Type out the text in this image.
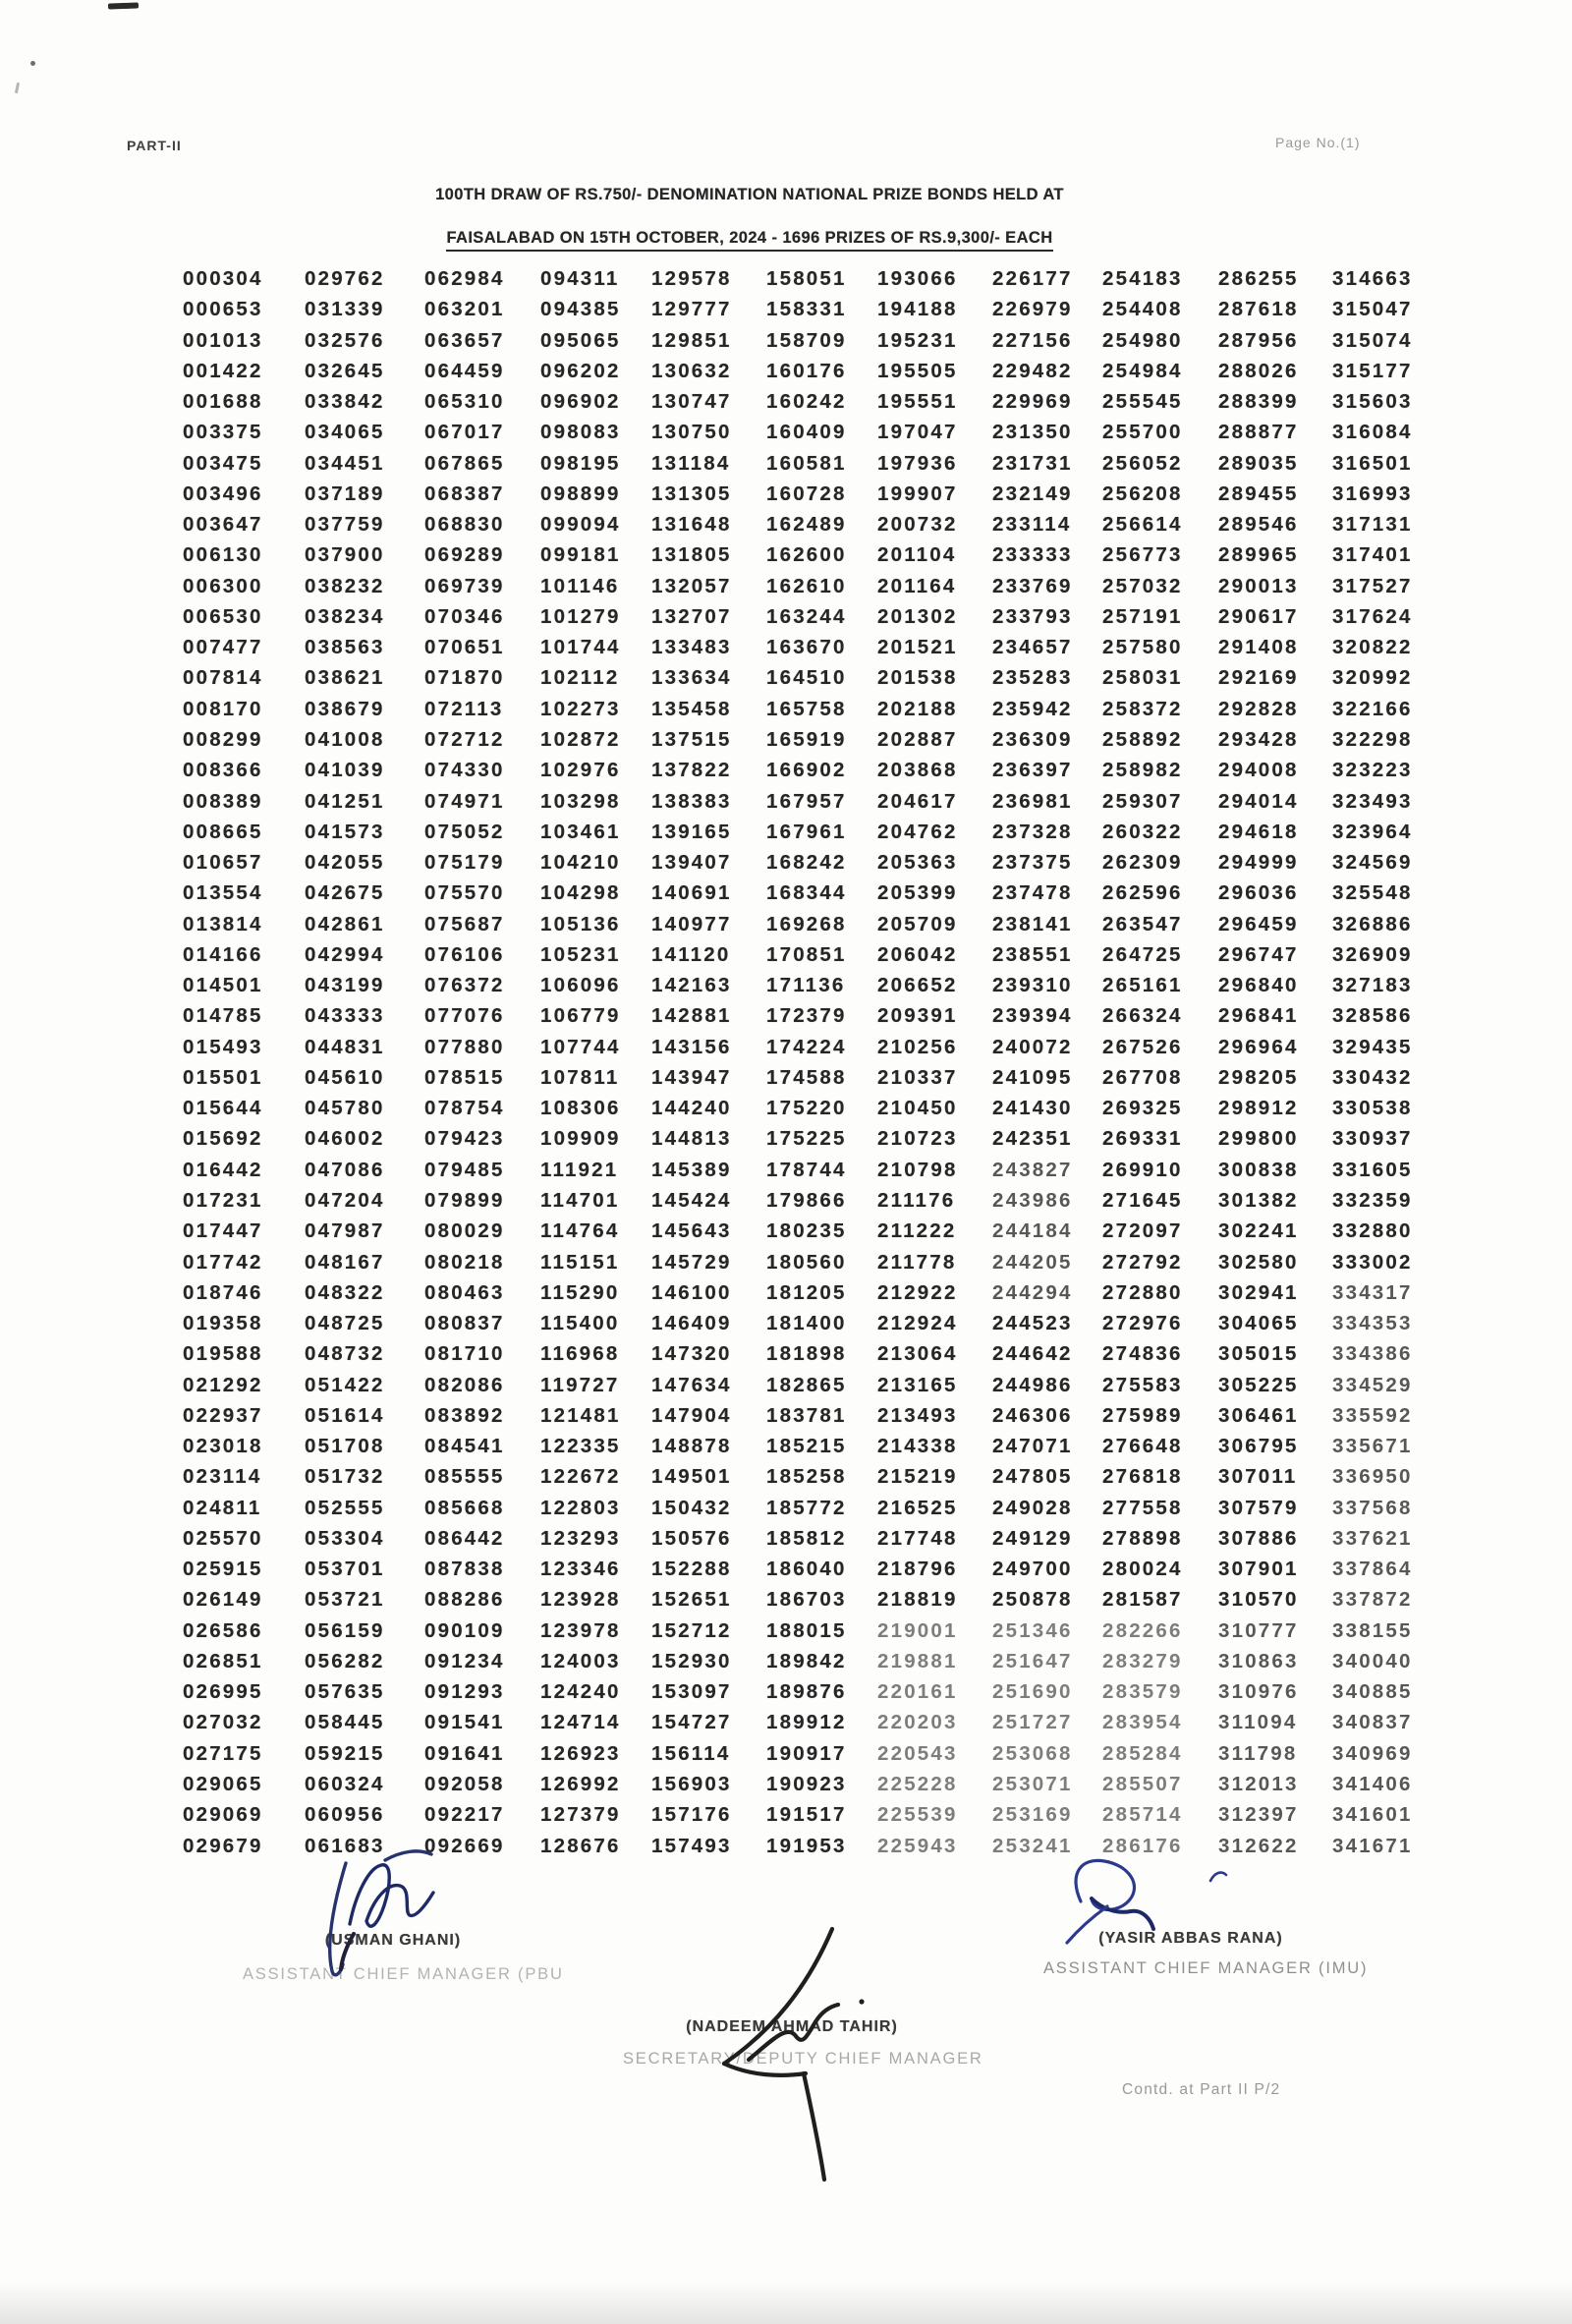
PART-II	Page No.(1)
100TH DRAW OF RS.750/- DENOMINATION NATIONAL PRIZE BONDS HELD AT

FAISALABAD ON 15TH OCTOBER, 2024 - 1696 PRIZES OF RS.9,300/- EACH
000304	029762	062984	094311	129578	158051	193066	226177	254183	286255	314663
000653	031339	063201	094385	129777	158331	194188	226979	254408	287618	315047
001013	032576	063657	095065	129851	158709	195231	227156	254980	287956	315074
001422	032645	064459	096202	130632	160176	195505	229482	254984	288026	315177
001688	033842	065310	096902	130747	160242	195551	229969	255545	288399	315603
003375	034065	067017	098083	130750	160409	197047	231350	255700	288877	316084
003475	034451	067865	098195	131184	160581	197936	231731	256052	289035	316501
003496	037189	068387	098899	131305	160728	199907	232149	256208	289455	316993
003647	037759	068830	099094	131648	162489	200732	233114	256614	289546	317131
006130	037900	069289	099181	131805	162600	201104	233333	256773	289965	317401
006300	038232	069739	101146	132057	162610	201164	233769	257032	290013	317527
006530	038234	070346	101279	132707	163244	201302	233793	257191	290617	317624
007477	038563	070651	101744	133483	163670	201521	234657	257580	291408	320822
007814	038621	071870	102112	133634	164510	201538	235283	258031	292169	320992
008170	038679	072113	102273	135458	165758	202188	235942	258372	292828	322166
008299	041008	072712	102872	137515	165919	202887	236309	258892	293428	322298
008366	041039	074330	102976	137822	166902	203868	236397	258982	294008	323223
008389	041251	074971	103298	138383	167957	204617	236981	259307	294014	323493
008665	041573	075052	103461	139165	167961	204762	237328	260322	294618	323964
010657	042055	075179	104210	139407	168242	205363	237375	262309	294999	324569
013554	042675	075570	104298	140691	168344	205399	237478	262596	296036	325548
013814	042861	075687	105136	140977	169268	205709	238141	263547	296459	326886
014166	042994	076106	105231	141120	170851	206042	238551	264725	296747	326909
014501	043199	076372	106096	142163	171136	206652	239310	265161	296840	327183
014785	043333	077076	106779	142881	172379	209391	239394	266324	296841	328586
015493	044831	077880	107744	143156	174224	210256	240072	267526	296964	329435
015501	045610	078515	107811	143947	174588	210337	241095	267708	298205	330432
015644	045780	078754	108306	144240	175220	210450	241430	269325	298912	330538
015692	046002	079423	109909	144813	175225	210723	242351	269331	299800	330937
016442	047086	079485	111921	145389	178744	210798	243827	269910	300838	331605
017231	047204	079899	114701	145424	179866	211176	243986	271645	301382	332359
017447	047987	080029	114764	145643	180235	211222	244184	272097	302241	332880
017742	048167	080218	115151	145729	180560	211778	244205	272792	302580	333002
018746	048322	080463	115290	146100	181205	212922	244294	272880	302941	334317
019358	048725	080837	115400	146409	181400	212924	244523	272976	304065	334353
019588	048732	081710	116968	147320	181898	213064	244642	274836	305015	334386
021292	051422	082086	119727	147634	182865	213165	244986	275583	305225	334529
022937	051614	083892	121481	147904	183781	213493	246306	275989	306461	335592
023018	051708	084541	122335	148878	185215	214338	247071	276648	306795	335671
023114	051732	085555	122672	149501	185258	215219	247805	276818	307011	336950
024811	052555	085668	122803	150432	185772	216525	249028	277558	307579	337568
025570	053304	086442	123293	150576	185812	217748	249129	278898	307886	337621
025915	053701	087838	123346	152288	186040	218796	249700	280024	307901	337864
026149	053721	088286	123928	152651	186703	218819	250878	281587	310570	337872
026586	056159	090109	123978	152712	188015	219001	251346	282266	310777	338155
026851	056282	091234	124003	152930	189842	219881	251647	283279	310863	340040
026995	057635	091293	124240	153097	189876	220161	251690	283579	310976	340885
027032	058445	091541	124714	154727	189912	220203	251727	283954	311094	340837
027175	059215	091641	126923	156114	190917	220543	253068	285284	311798	340969
029065	060324	092058	126992	156903	190923	225228	253071	285507	312013	341406
029069	060956	092217	127379	157176	191517	225539	253169	285714	312397	341601
029679	061683	092669	128676	157493	191953	225943	253241	286176	312622	341671
(USMAN GHANI)
ASSISTANT CHIEF MANAGER (PBU
(NADEEM AHMAD TAHIR)
SECRETARY/DEPUTY CHIEF MANAGER
(YASIR ABBAS RANA)
ASSISTANT CHIEF MANAGER (IMU)
Contd. at Part II P/2
